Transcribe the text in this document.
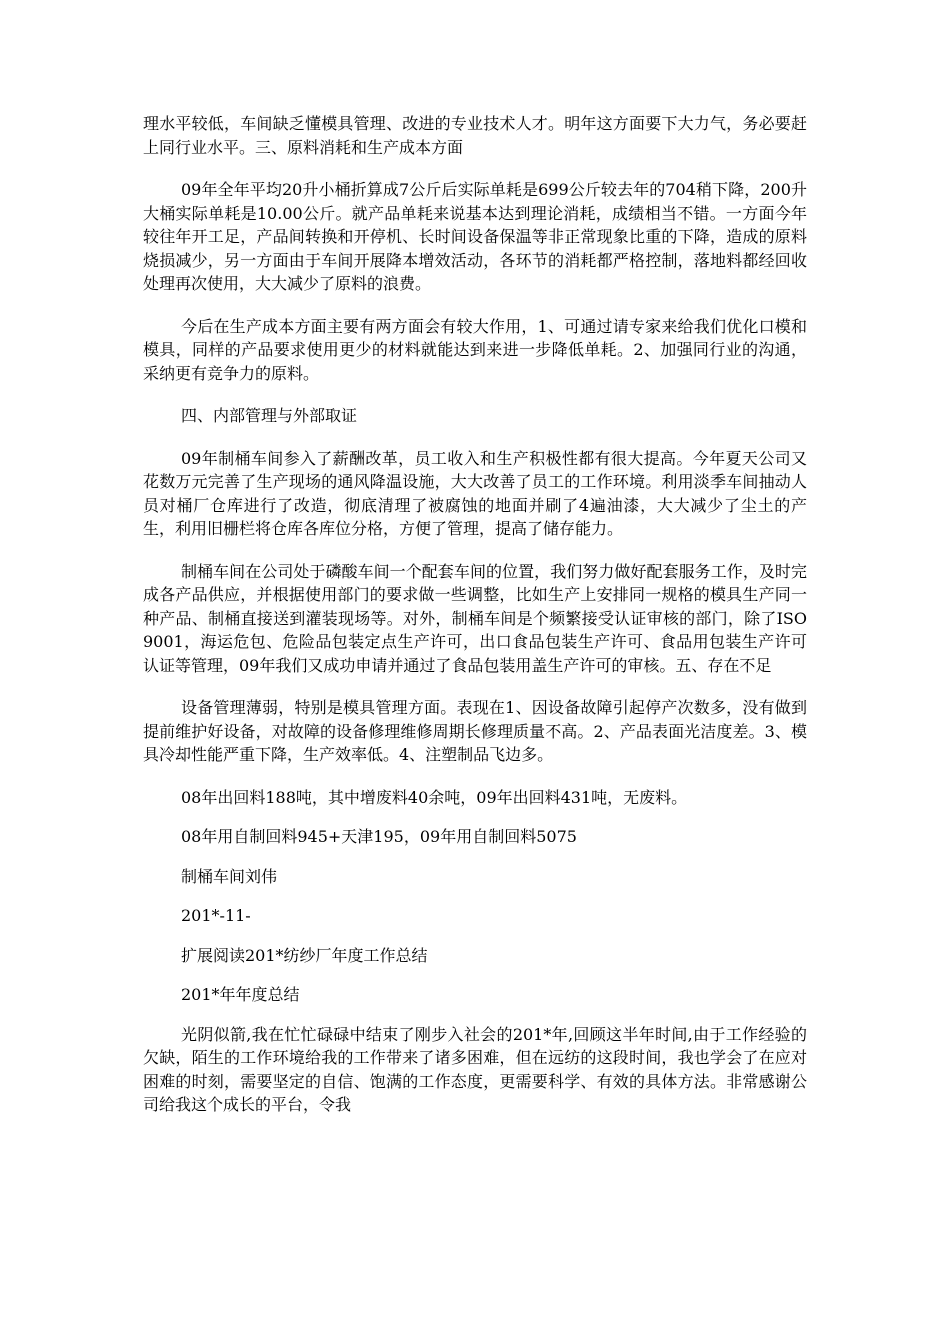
理水平较低，车间缺乏懂模具管理、改进的专业技术人才。明年这方面要下大力气，务必要赶上同行业水平。三、原料消耗和生产成本方面

09年全年平均20升小桶折算成7公斤后实际单耗是699公斤较去年的704稍下降，200升大桶实际单耗是10.00公斤。就产品单耗来说基本达到理论消耗，成绩相当不错。一方面今年较往年开工足，产品间转换和开停机、长时间设备保温等非正常现象比重的下降，造成的原料烧损减少，另一方面由于车间开展降本增效活动，各环节的消耗都严格控制，落地料都经回收处理再次使用，大大减少了原料的浪费。

今后在生产成本方面主要有两方面会有较大作用，1、可通过请专家来给我们优化口模和模具，同样的产品要求使用更少的材料就能达到来进一步降低单耗。2、加强同行业的沟通，采纳更有竞争力的原料。

四、内部管理与外部取证

09年制桶车间参入了薪酬改革，员工收入和生产积极性都有很大提高。今年夏天公司又花数万元完善了生产现场的通风降温设施，大大改善了员工的工作环境。利用淡季车间抽动人员对桶厂仓库进行了改造，彻底清理了被腐蚀的地面并刷了4遍油漆，大大减少了尘土的产生，利用旧栅栏将仓库各库位分格，方便了管理，提高了储存能力。

制桶车间在公司处于磷酸车间一个配套车间的位置，我们努力做好配套服务工作，及时完成各产品供应，并根据使用部门的要求做一些调整，比如生产上安排同一规格的模具生产同一种产品、制桶直接送到灌装现场等。对外，制桶车间是个频繁接受认证审核的部门，除了ISO9001，海运危包、危险品包装定点生产许可，出口食品包装生产许可、食品用包装生产许可认证等管理，09年我们又成功申请并通过了食品包装用盖生产许可的审核。五、存在不足

设备管理薄弱，特别是模具管理方面。表现在1、因设备故障引起停产次数多，没有做到提前维护好设备，对故障的设备修理维修周期长修理质量不高。2、产品表面光洁度差。3、模具冷却性能严重下降，生产效率低。4、注塑制品飞边多。

08年出回料188吨，其中增废料40余吨，09年出回料431吨，无废料。

08年用自制回料945+天津195，09年用自制回料5075

制桶车间刘伟

201*-11-

扩展阅读201*纺纱厂年度工作总结

201*年年度总结

光阴似箭,我在忙忙碌碌中结束了刚步入社会的201*年,回顾这半年时间,由于工作经验的欠缺，陌生的工作环境给我的工作带来了诸多困难，但在远纺的这段时间，我也学会了在应对困难的时刻，需要坚定的自信、饱满的工作态度，更需要科学、有效的具体方法。非常感谢公司给我这个成长的平台，令我
